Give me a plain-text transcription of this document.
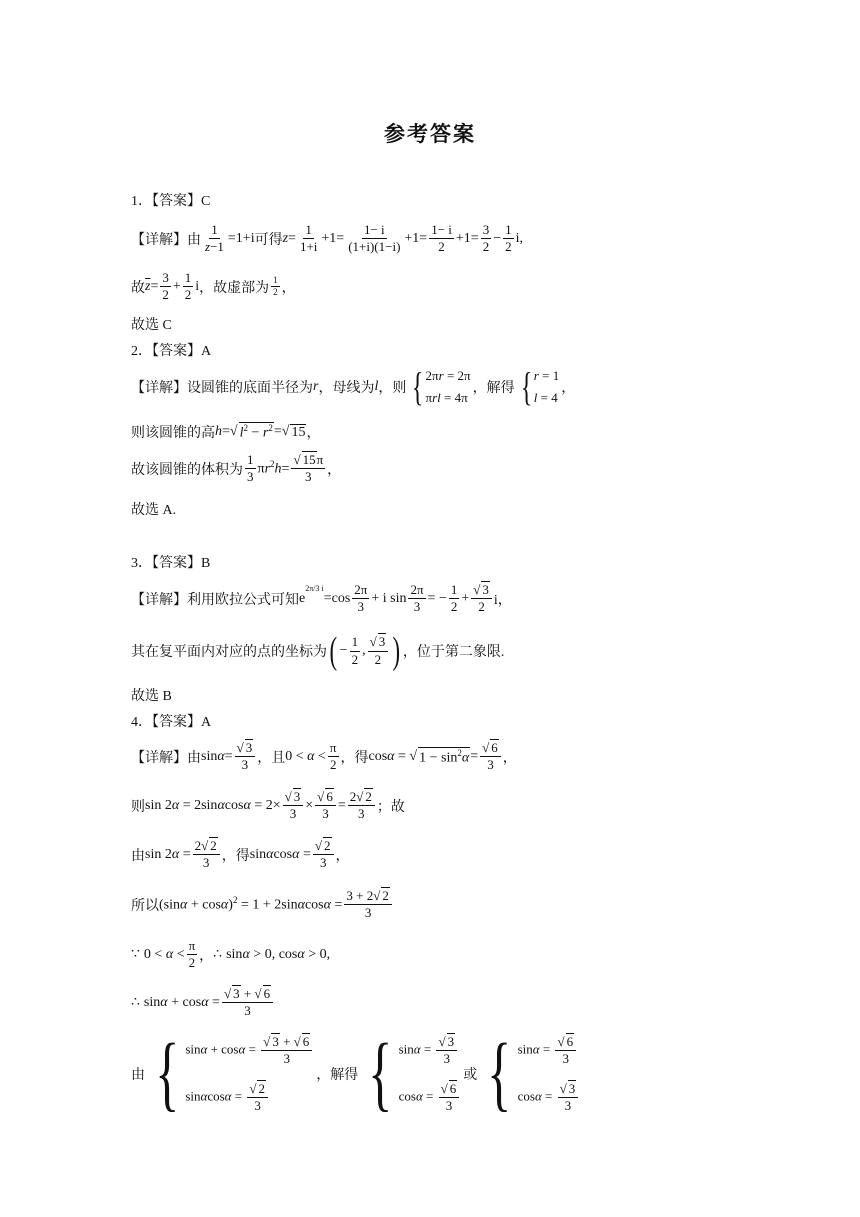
参考答案
1．【答案】C
【详解】由 $\frac{1}{z-1} =1+i$ 可得 $z = \frac{1}{1+i} +1= \frac{1- i}{(1+i)(1-i)} +1= \frac{1- i}{2} +1= \frac{3}{2} - \frac{1}{2} i$,
故 $\overline{z} = \frac{3}{2} + \frac{1}{2}$ i ，故虚部为 $\frac{1}{2}$ ，
故选 C
2．【答案】A
【详解】设圆锥的底面半径为 r ，母线为 l ，则 { 2πr = 2π
πrl = 4π
，解得 { r = 1
l = 4
，
则该圆锥的高 h =√ $l^2 - r^2$ =√ 15 ，
故该圆锥的体积为 $\frac{1}{3} \pi r^2h= \frac{√ 15\pi}{3}$ ，
故选 A.
3．【答案】B
【详解】利用欧拉公式可知 e
2π/3 i
$=\cos \frac{2\pi}{3} + i$ $\sin \frac{2\pi}{3}$ = − $\frac{1}{2} + \frac{√ 3}{2}$ i，
其在复平面内对应的点的坐标为 ( − $\frac{1}{2}$ , $\frac{√ 3}{2}$ ) ，位于第二象限.
故选 B
4．【答案】A
【详解】由 $\sin\alpha= \frac{√ 3}{3}$ ，且 $0 < \alpha < \frac{\pi}{2}$ ，得 cosα = √ $1 - \sin^2\alpha = \frac{√ 6}{3}$ ，
则 $\sin 2\alpha = 2\sin\alpha\cos\alpha = 2\times \frac{√ 3}{3} \times \frac{√ 6}{3} = \frac{2√ 2}{3}$ ；故
由 $\sin 2\alpha = \frac{2√ 2}{3}$ ，得 $\sin\alpha\cos\alpha = \frac{√ 2}{3}$ ，
所以 $(\sin\alpha + \cos\alpha)^2 = 1 + 2\sin\alpha\cos\alpha = \frac{3 + 2√ 2}{3}$
∵ $0 < \alpha < \frac{\pi}{2}$ ， ∴ sinα > 0, cosα > 0,
∴ $\sin\alpha + \cos\alpha = \frac{√ 3 + √ 6}{3}$
由 { $\sin\alpha + \cos\alpha = \frac{√ 3 + √ 6}{3}$
$\sin\alpha\cos\alpha = \frac{√ 2}{3}$
，解得 { $\sin\alpha = \frac{√ 3}{3}$
$\cos\alpha = \frac{√ 6}{3}$
或 { $\sin\alpha = \frac{√ 6}{3}$
$\cos\alpha = \frac{√ 3}{3}$
